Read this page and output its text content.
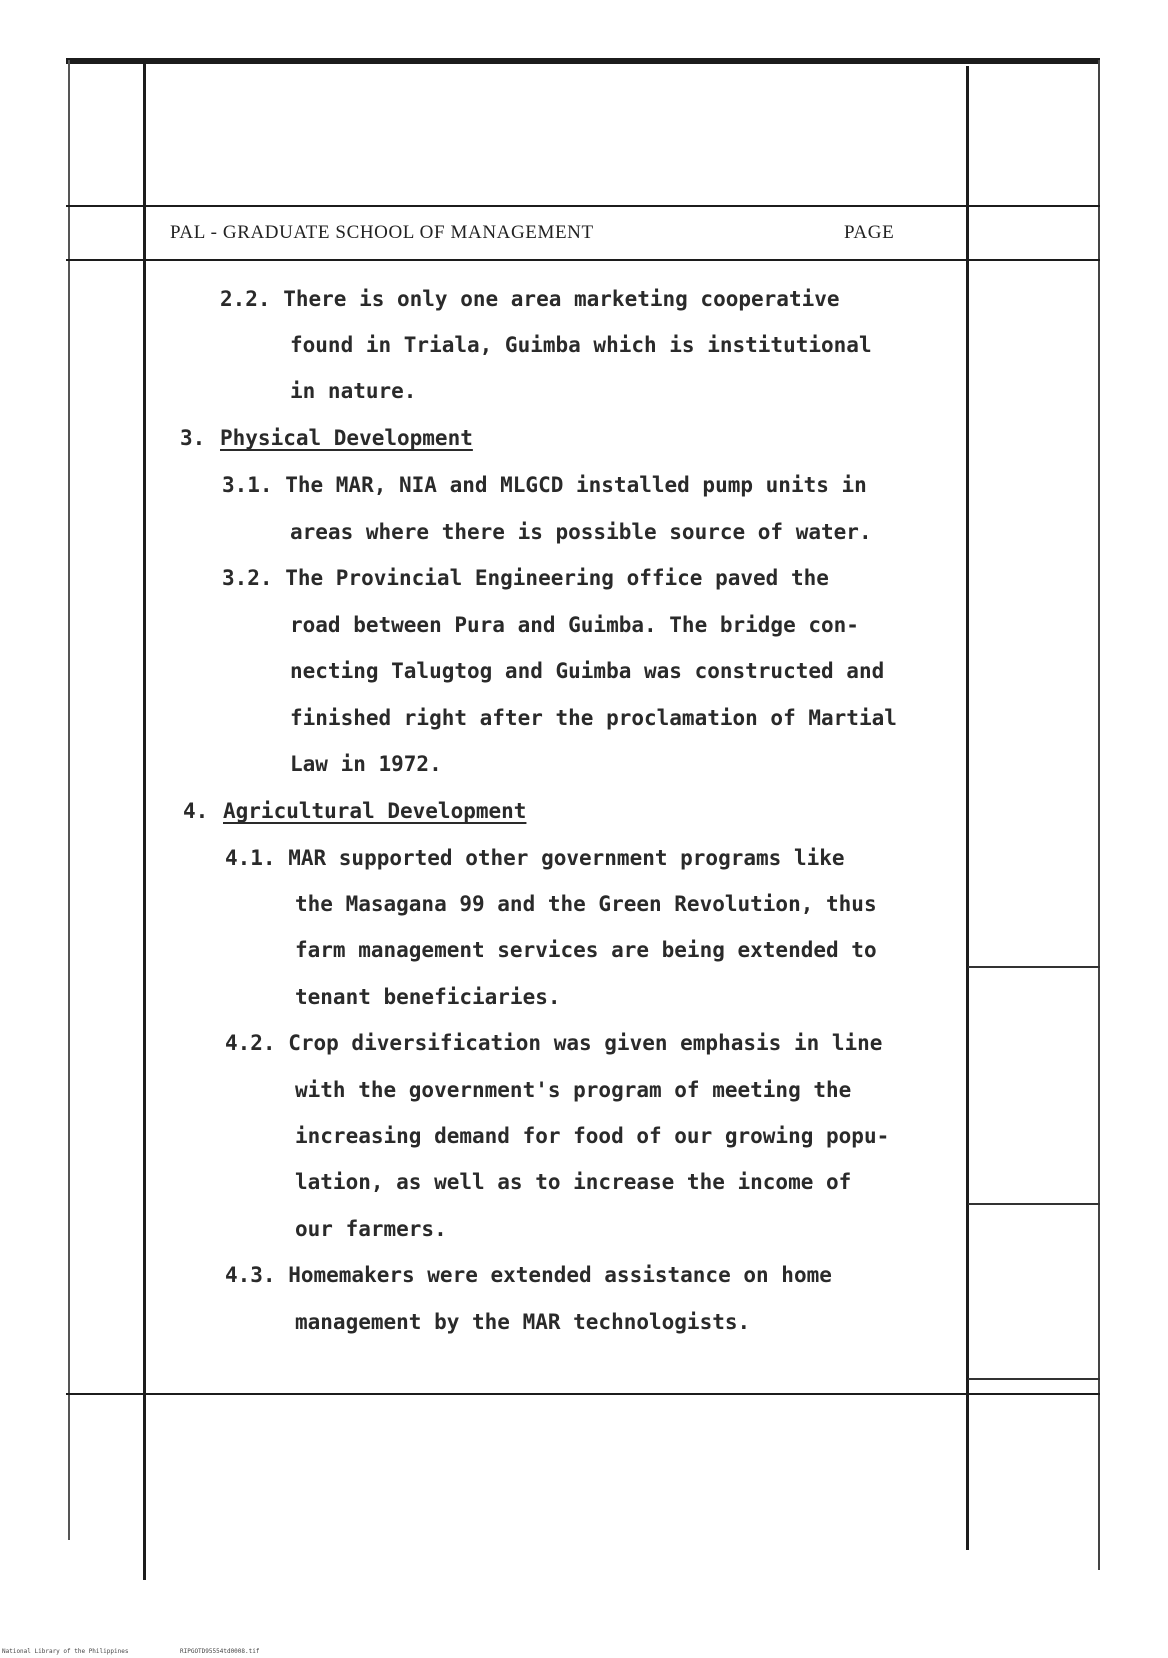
PAL - GRADUATE SCHOOL OF MANAGEMENT	PAGE
2.2. There is only one area marketing cooperative
found in Triala, Guimba which is institutional
in nature.
3. Physical Development
3.1. The MAR, NIA and MLGCD installed pump units in
areas where there is possible source of water.
3.2. The Provincial Engineering office paved the
road between Pura and Guimba. The bridge con-
necting Talugtog and Guimba was constructed and
finished right after the proclamation of Martial
Law in 1972.
4. Agricultural Development
4.1. MAR supported other government programs like
the Masagana 99 and the Green Revolution, thus
farm management services are being extended to
tenant beneficiaries.
4.2. Crop diversification was given emphasis in line
with the government's program of meeting the
increasing demand for food of our growing popu-
lation, as well as to increase the income of
our farmers.
4.3. Homemakers were extended assistance on home
management by the MAR technologists.
National Library of the Philippines	RIPGOTD95554td0008.tif
